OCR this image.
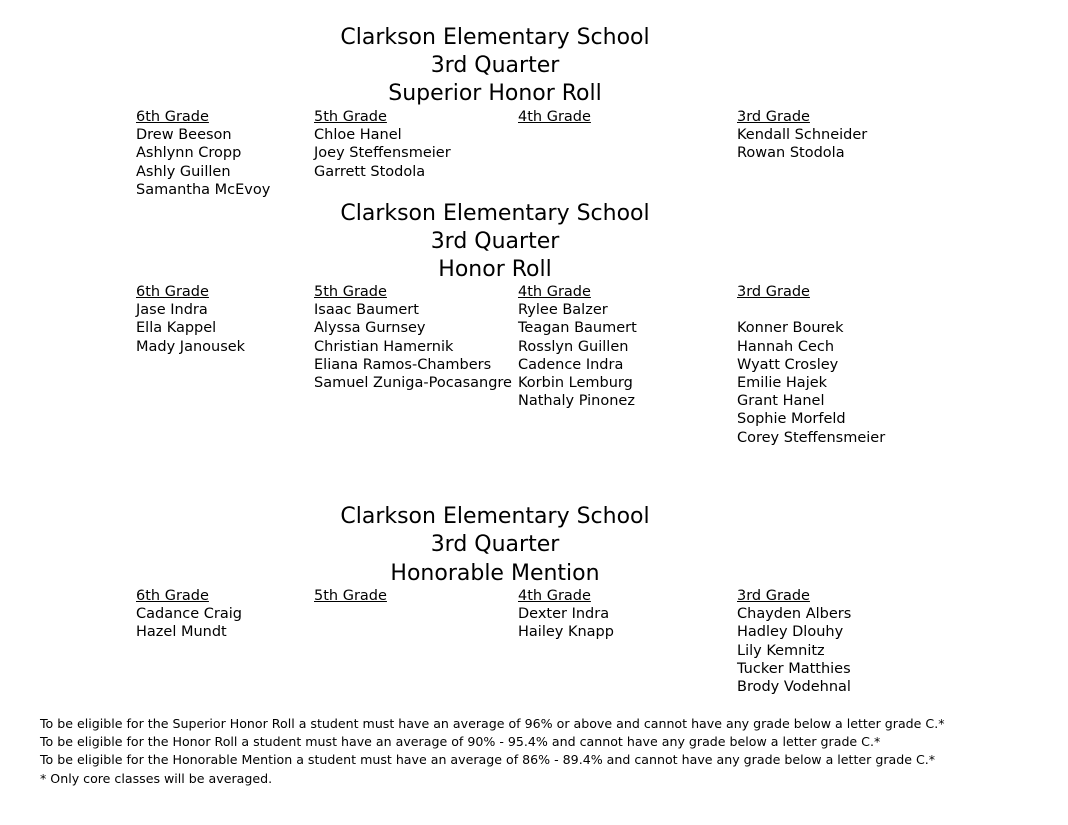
Clarkson Elementary School
3rd Quarter
Superior Honor Roll
6th Grade
Drew Beeson
Ashlynn Cropp
Ashly Guillen
Samantha McEvoy
5th Grade
Chloe Hanel
Joey Steffensmeier
Garrett Stodola
4th Grade	3rd Grade
Kendall Schneider
Rowan Stodola
Clarkson Elementary School
3rd Quarter
Honor Roll
6th Grade
Jase Indra
Ella Kappel
Mady Janousek
5th Grade
Isaac Baumert
Alyssa Gurnsey
Christian Hamernik
Eliana Ramos-Chambers
Samuel Zuniga-Pocasangre
4th Grade
Rylee Balzer
Teagan Baumert
Rosslyn Guillen
Cadence Indra
Korbin Lemburg
Nathaly Pinonez
3rd Grade
Konner Bourek
Hannah Cech
Wyatt Crosley
Emilie Hajek
Grant Hanel
Sophie Morfeld
Corey Steffensmeier
Clarkson Elementary School
3rd Quarter
Honorable Mention
6th Grade
Cadance Craig
Hazel Mundt
5th Grade	4th Grade
Dexter Indra
Hailey Knapp
3rd Grade
Chayden Albers
Hadley Dlouhy
Lily Kemnitz
Tucker Matthies
Brody Vodehnal
To be eligible for the Superior Honor Roll a student must have an average of 96% or above and cannot have any grade below a letter grade C.*
To be eligible for the Honor Roll a student must have an average of 90% - 95.4% and cannot have any grade below a letter grade C.*
To be eligible for the Honorable Mention a student must have an average of 86% - 89.4% and cannot have any grade below a letter grade C.*
* Only core classes will be averaged.
